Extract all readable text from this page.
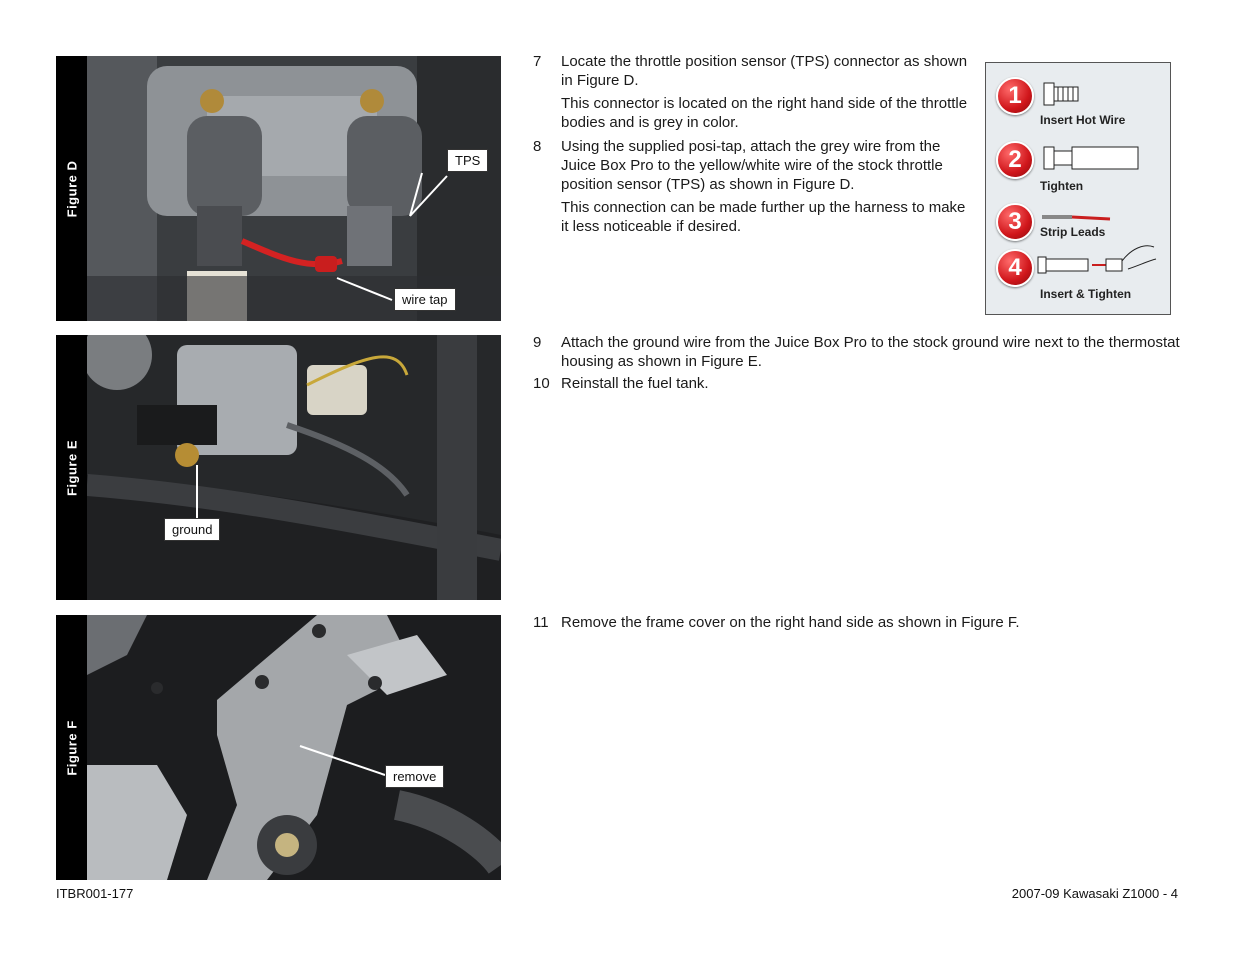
Figure D	TPS
wire tap
Figure E
ground
Figure F
remove
7 Locate the throttle position sensor (TPS) connector as shown in Figure D.

This connector is located on the right hand side of the throttle bodies and is grey in color.

8 Using the supplied posi-tap, attach the grey wire from the Juice Box Pro to the yellow/white wire of the stock throttle position sensor (TPS) as shown in Figure D.

This connection can be made further up the harness to make it less noticeable if desired.

1
Insert Hot Wire
2
Tighten
3	Strip Leads
4
Insert & Tighten
9 Attach the ground wire from the Juice Box Pro to the stock ground wire next to the thermostat housing as shown in Figure E.

10 Reinstall the fuel tank.

11 Remove the frame cover on the right hand side as shown in Figure F.

ITBR001-177	2007-09 Kawasaki Z1000 - 4
